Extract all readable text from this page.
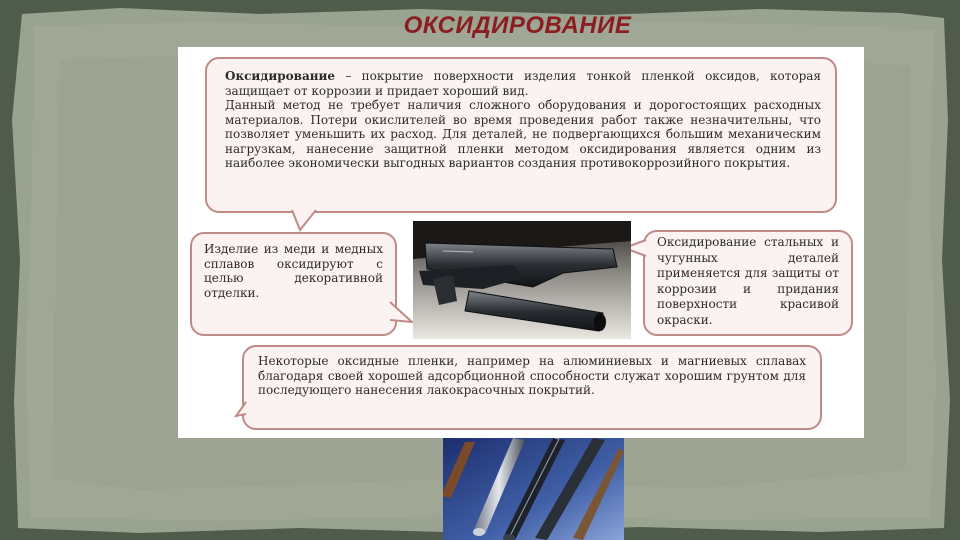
ОКСИДИРОВАНИЕ
Оксидирование – покрытие поверхности изделия тонкой пленкой оксидов, которая защищает от коррозии и придает хороший вид.
Данный метод не требует наличия сложного оборудования и дорогостоящих расходных материалов. Потери окислителей во время проведения работ также незначительны, что позволяет уменьшить их расход. Для деталей, не подвергающихся большим механическим нагрузкам, нанесение защитной пленки методом оксидирования является одним из наиболее экономически выгодных вариантов создания противокоррозийного покрытия.
Изделие из меди и медных сплавов оксидируют с целью декоративной отделки.
Оксидирование стальных и чугунных деталей применяется для защиты от коррозии и придания поверхности красивой окраски.
Некоторые оксидные пленки, например на алюминиевых и магниевых сплавах благодаря своей хорошей адсорбционной способности служат хорошим грунтом для последующего нанесения лакокрасочных покрытий.
